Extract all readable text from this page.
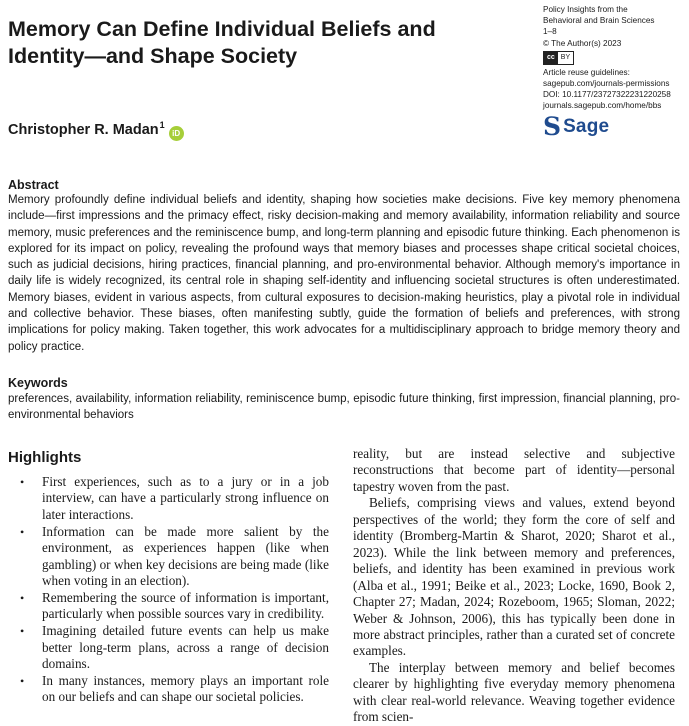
Memory Can Define Individual Beliefs and Identity—and Shape Society
Policy Insights from the
Behavioral and Brain Sciences
1–8
© The Author(s) 2023
cc BY
Article reuse guidelines:
sagepub.com/journals-permissions
DOI: 10.1177/23727322231220258
journals.sagepub.com/home/bbs
S Sage

Christopher R. Madan$^1$iD

Abstract

Memory profoundly define individual beliefs and identity, shaping how societies make decisions. Five key memory phenomena include—first impressions and the primacy effect, risky decision-making and memory availability, information reliability and source memory, music preferences and the reminiscence bump, and long-term planning and episodic future thinking. Each phenomenon is explored for its impact on policy, revealing the profound ways that memory biases and processes shape critical societal choices, such as judicial decisions, hiring practices, financial planning, and pro-environmental behavior. Although memory's importance in daily life is widely recognized, its central role in shaping self-identity and influencing societal structures is often underestimated. Memory biases, evident in various aspects, from cultural exposures to decision-making heuristics, play a pivotal role in individual and collective behavior. These biases, often manifesting subtly, guide the formation of beliefs and preferences, with strong implications for policy making. Taken together, this work advocates for a multidisciplinary approach to bridge memory theory and policy practice.

Keywords

preferences, availability, information reliability, reminiscence bump, episodic future thinking, first impression, financial planning, pro-environmental behaviors

Highlights
• First experiences, such as to a jury or in a job interview, can have a particularly strong influence on later interactions.
• Information can be made more salient by the environment, as experiences happen (like when gambling) or when key decisions are being made (like when voting in an election).
• Remembering the source of information is important, particularly when possible sources vary in credibility.
• Imagining detailed future events can help us make better long-term plans, across a range of decision domains.
• In many instances, memory plays an important role on our beliefs and can shape our societal policies.

reality, but are instead selective and subjective reconstructions that become part of identity—personal tapestry woven from the past.

Beliefs, comprising views and values, extend beyond perspectives of the world; they form the core of self and identity (Bromberg-Martin & Sharot, 2020; Sharot et al., 2023). While the link between memory and preferences, beliefs, and identity has been examined in previous work (Alba et al., 1991; Beike et al., 2023; Locke, 1690, Book 2, Chapter 27; Madan, 2024; Rozeboom, 1965; Sloman, 2022; Weber & Johnson, 2006), this has typically been done in more abstract principles, rather than a curated set of concrete examples.

The interplay between memory and belief becomes clearer by highlighting five everyday memory phenomena with clear real-world relevance. Weaving together evidence from scien-
